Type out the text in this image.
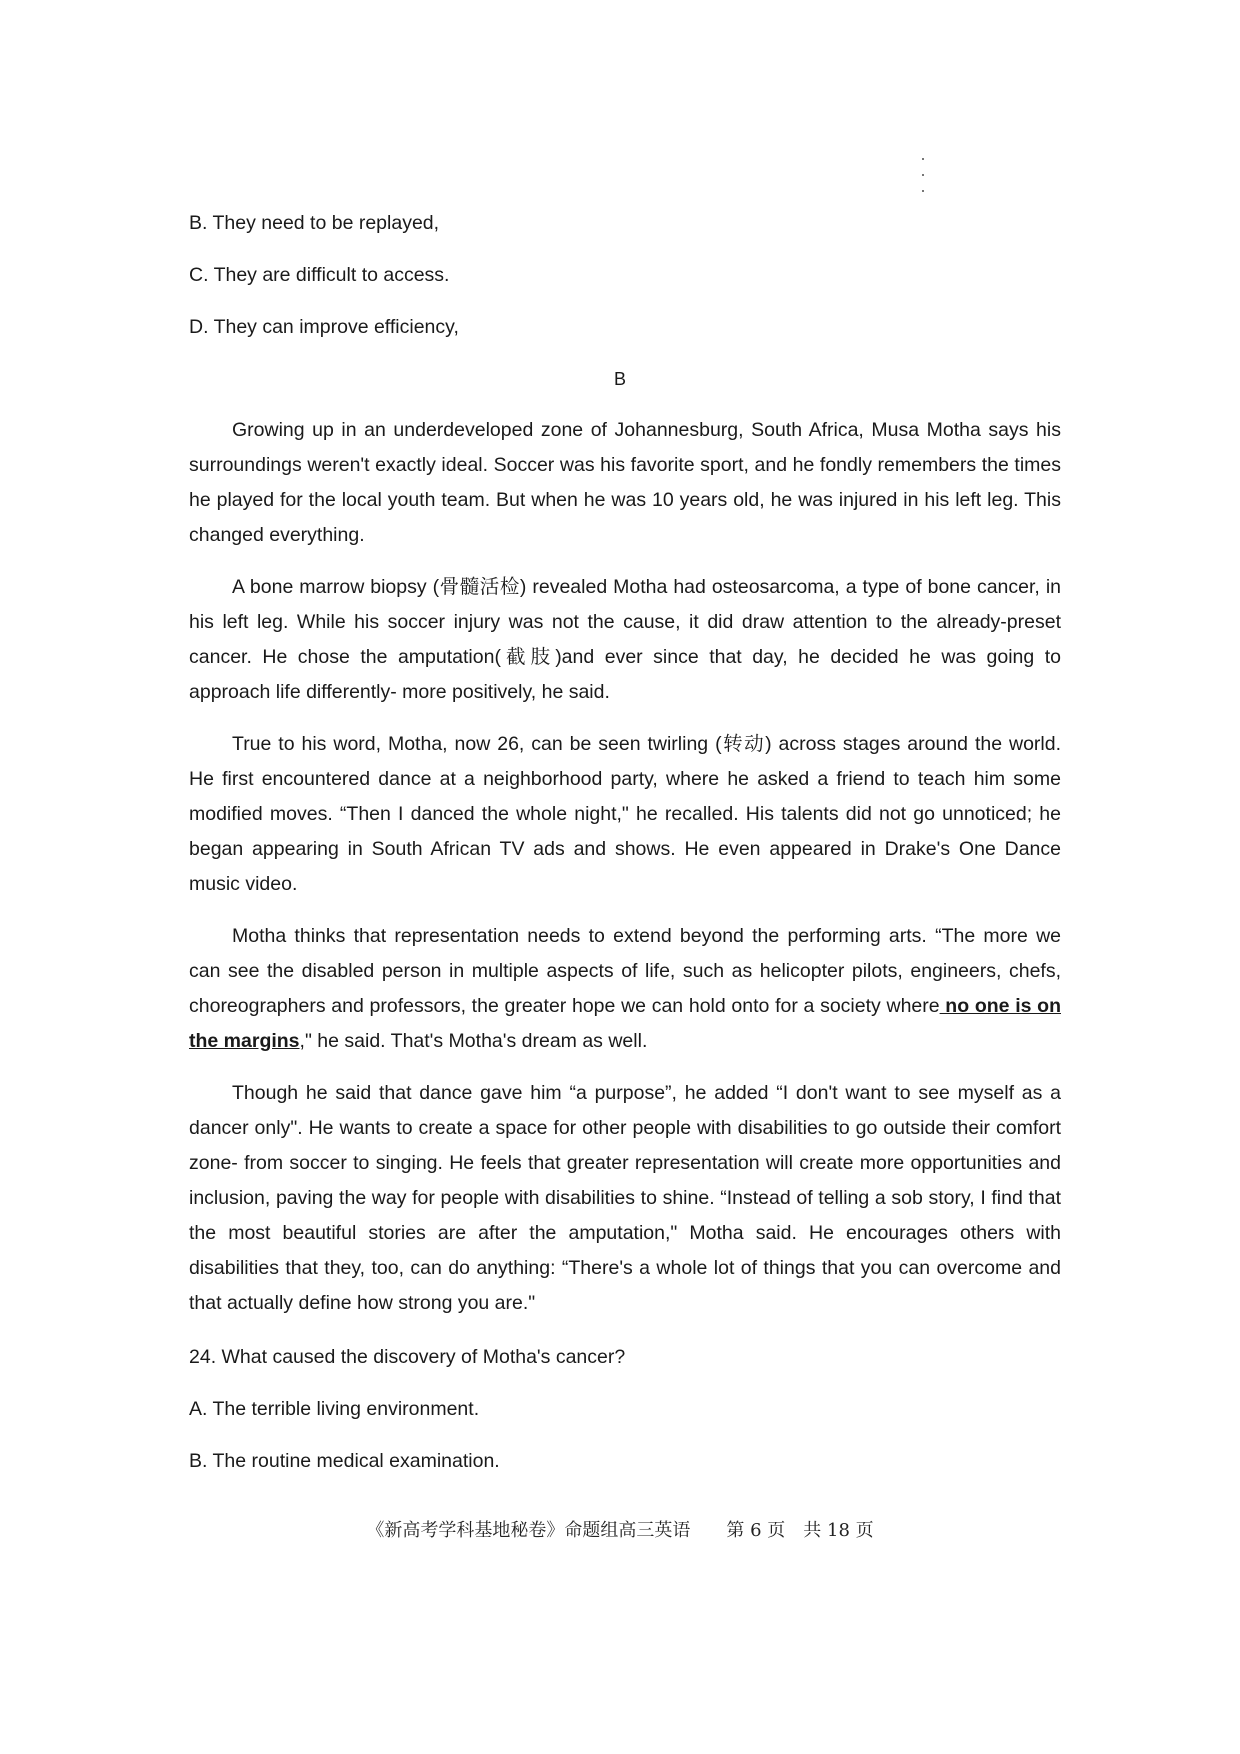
B. They need to be replayed,
C. They are difficult to access.
D. They can improve efficiency,
B
Growing up in an underdeveloped zone of Johannesburg, South Africa, Musa Motha says his surroundings weren't exactly ideal. Soccer was his favorite sport, and he fondly remembers the times he played for the local youth team. But when he was 10 years old, he was injured in his left leg. This changed everything.
A bone marrow biopsy (骨髓活检) revealed Motha had osteosarcoma, a type of bone cancer, in his left leg. While his soccer injury was not the cause, it did draw attention to the already-preset cancer. He chose the amputation(截肢)and ever since that day, he decided he was going to approach life differently- more positively, he said.
True to his word, Motha, now 26, can be seen twirling (转动) across stages around the world. He first encountered dance at a neighborhood party, where he asked a friend to teach him some modified moves. “Then I danced the whole night," he recalled. His talents did not go unnoticed; he began appearing in South African TV ads and shows. He even appeared in Drake's One Dance music video.
Motha thinks that representation needs to extend beyond the performing arts. “The more we can see the disabled person in multiple aspects of life, such as helicopter pilots, engineers, chefs, choreographers and professors, the greater hope we can hold onto for a society where no one is on the margins," he said. That's Motha's dream as well.
Though he said that dance gave him “a purpose”, he added “I don't want to see myself as a dancer only". He wants to create a space for other people with disabilities to go outside their comfort zone- from soccer to singing. He feels that greater representation will create more opportunities and inclusion, paving the way for people with disabilities to shine. “Instead of telling a sob story, I find that the most beautiful stories are after the amputation," Motha said. He encourages others with disabilities that they, too, can do anything: “There's a whole lot of things that you can overcome and that actually define how strong you are."
24. What caused the discovery of Motha's cancer?
A. The terrible living environment.
B. The routine medical examination.
《新高考学科基地秘卷》命题组高三英语　　第 6 页　共 18 页
